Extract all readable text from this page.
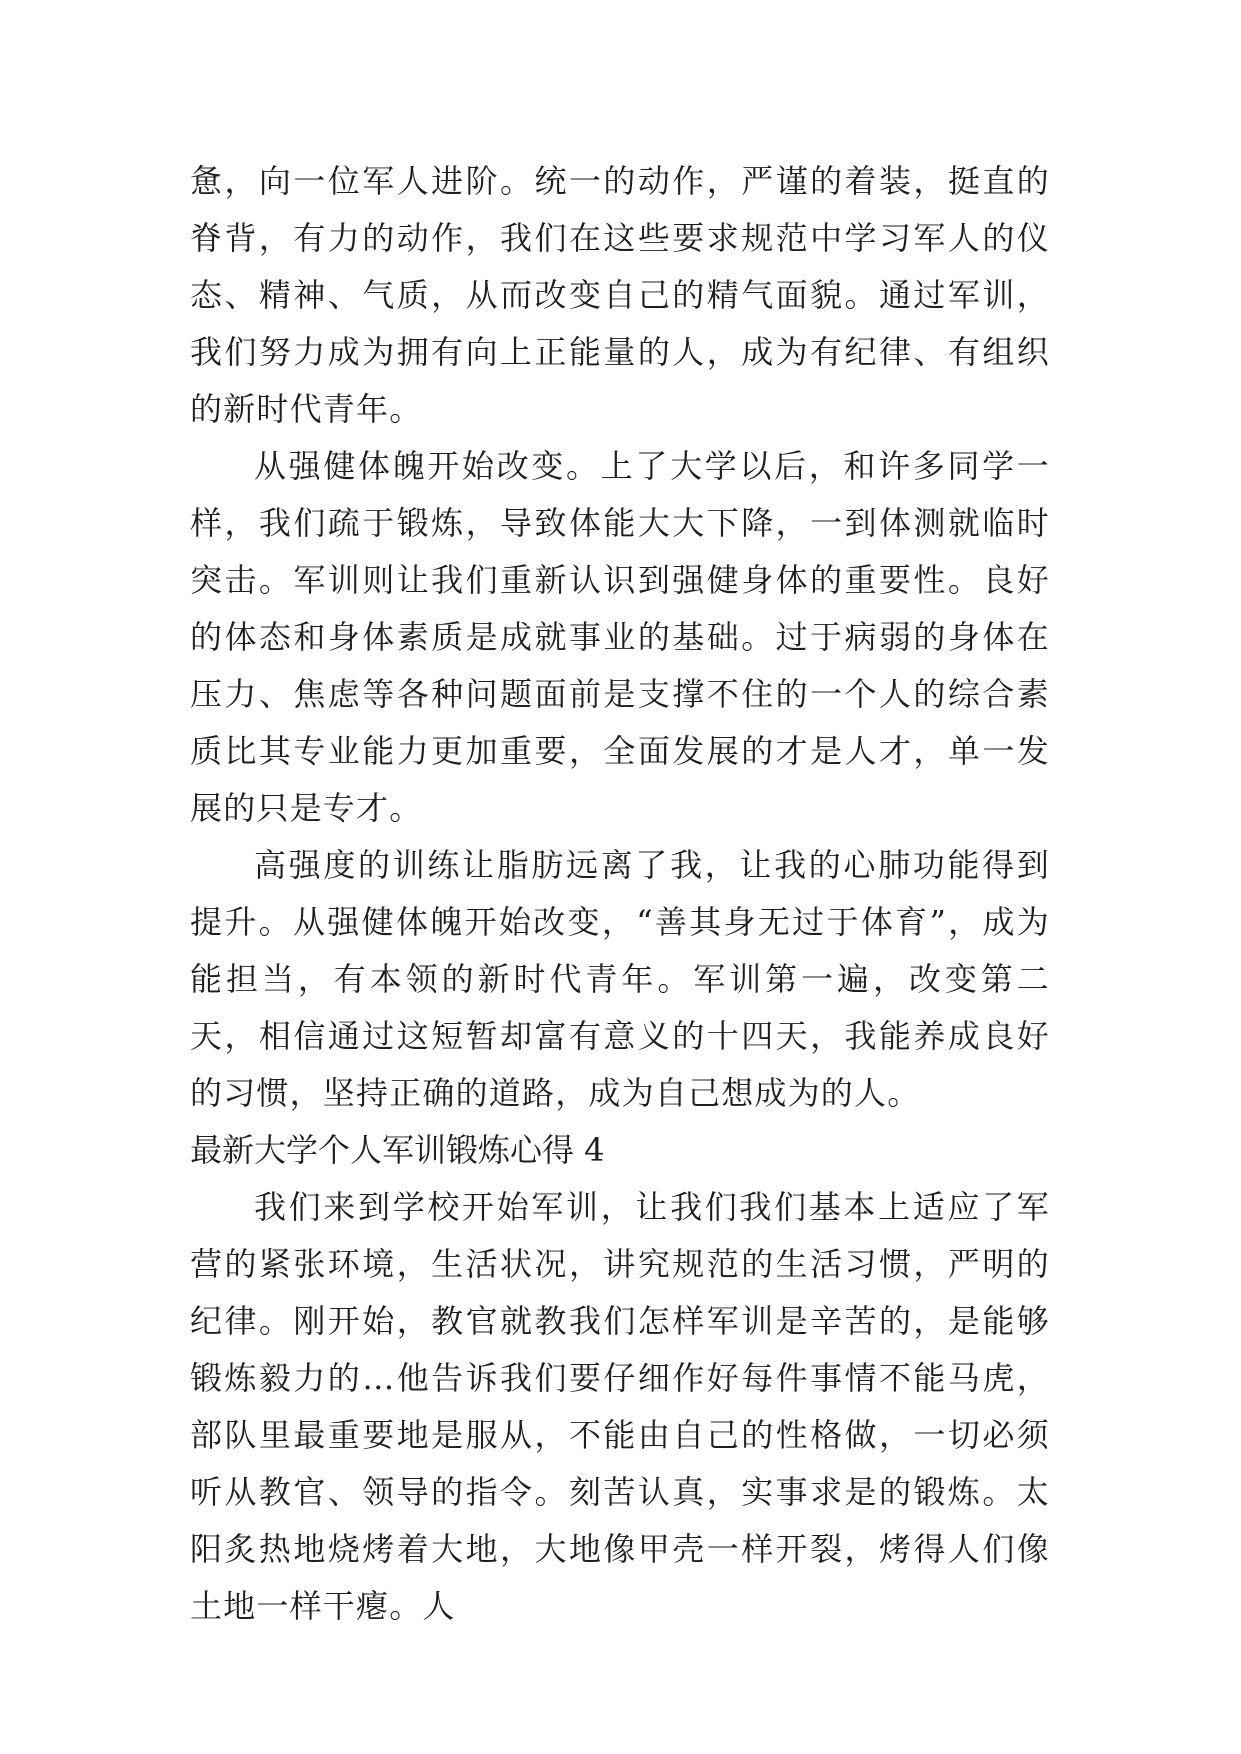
惫，向一位军人进阶。统一的动作，严谨的着装，挺直的脊背，有力的动作，我们在这些要求规范中学习军人的仪态、精神、气质，从而改变自己的精气面貌。通过军训，我们努力成为拥有向上正能量的人，成为有纪律、有组织的新时代青年。

从强健体魄开始改变。上了大学以后，和许多同学一样，我们疏于锻炼，导致体能大大下降，一到体测就临时突击。军训则让我们重新认识到强健身体的重要性。良好的体态和身体素质是成就事业的基础。过于病弱的身体在压力、焦虑等各种问题面前是支撑不住的一个人的综合素质比其专业能力更加重要，全面发展的才是人才，单一发展的只是专才。

高强度的训练让脂肪远离了我，让我的心肺功能得到提升。从强健体魄开始改变，“善其身无过于体育”，成为能担当，有本领的新时代青年。军训第一遍，改变第二天，相信通过这短暂却富有意义的十四天，我能养成良好的习惯，坚持正确的道路，成为自己想成为的人。

最新大学个人军训锻炼心得 4

我们来到学校开始军训，让我们我们基本上适应了军营的紧张环境，生活状况，讲究规范的生活习惯，严明的纪律。刚开始，教官就教我们怎样军训是辛苦的，是能够锻炼毅力的…他告诉我们要仔细作好每件事情不能马虎，部队里最重要地是服从，不能由自己的性格做，一切必须听从教官、领导的指令。刻苦认真，实事求是的锻炼。太阳炙热地烧烤着大地，大地像甲壳一样开裂，烤得人们像土地一样干瘪。人
